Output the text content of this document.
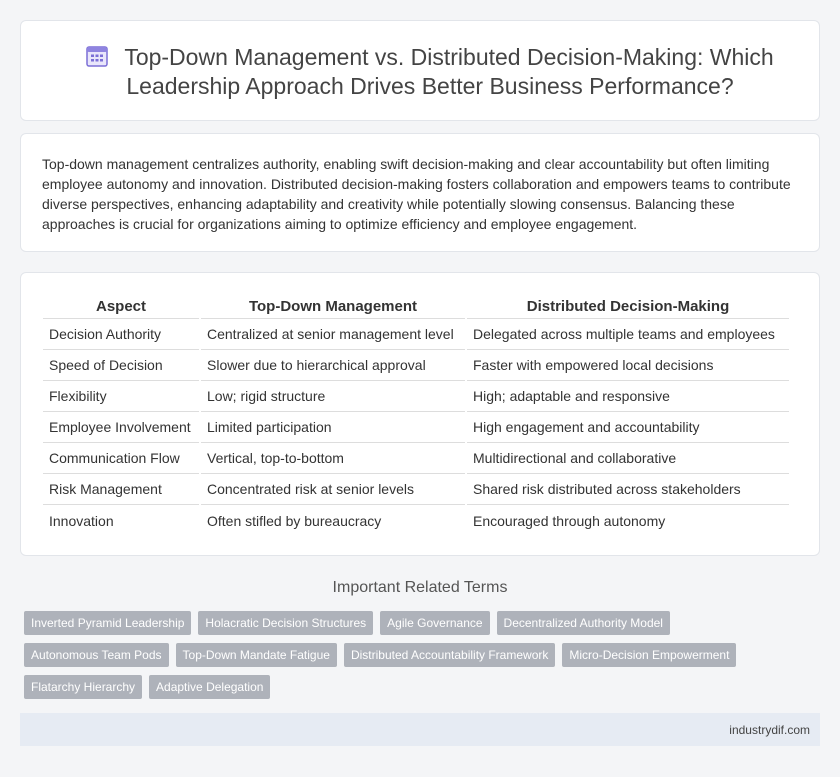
Top-Down Management vs. Distributed Decision-Making: Which Leadership Approach Drives Better Business Performance?

Top-down management centralizes authority, enabling swift decision-making and clear accountability but often limiting employee autonomy and innovation. Distributed decision-making fosters collaboration and empowers teams to contribute diverse perspectives, enhancing adaptability and creativity while potentially slowing consensus. Balancing these approaches is crucial for organizations aiming to optimize efficiency and employee engagement.

Aspect		Top-Down Management		Distributed Decision-Making
Decision Authority		Centralized at senior management level		Delegated across multiple teams and employees
Speed of Decision		Slower due to hierarchical approval		Faster with empowered local decisions
Flexibility		Low; rigid structure		High; adaptable and responsive
Employee Involvement		Limited participation		High engagement and accountability
Communication Flow		Vertical, top-to-bottom		Multidirectional and collaborative
Risk Management		Concentrated risk at senior levels		Shared risk distributed across stakeholders
Innovation		Often stifled by bureaucracy		Encouraged through autonomy
Important Related Terms
Inverted Pyramid Leadership	Holacratic Decision Structures	Agile Governance	Decentralized Authority Model
Autonomous Team Pods	Top-Down Mandate Fatigue	Distributed Accountability Framework	Micro-Decision Empowerment
Flatarchy Hierarchy	Adaptive Delegation
industrydif.com
